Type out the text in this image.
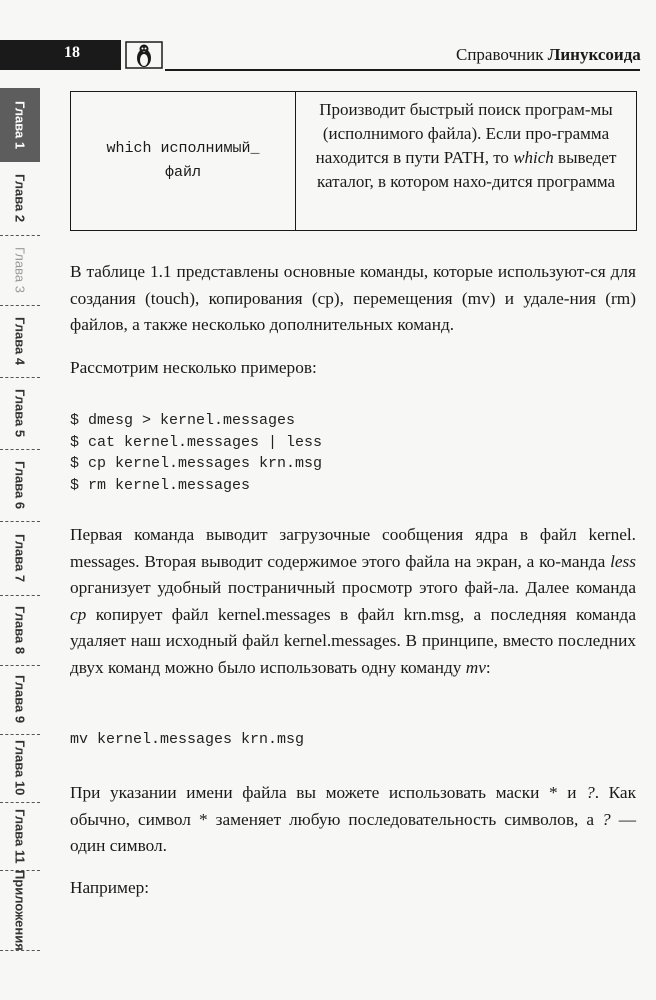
18	Справочник Линуксоида
Глава 1
Глава 2
Глава 3
Глава 4
Глава 5
Глава 6
Глава 7
Глава 8
Глава 9
Глава 10
Глава 11
Приложения
which исполнимый_
файл
Производит быстрый поиск програм-мы (исполнимого файла). Если про-грамма находится в пути PATH, то which выведет каталог, в котором нахо-дится программа
В таблице 1.1 представлены основные команды, которые используют-ся для создания (touch), копирования (cp), перемещения (mv) и удале-ния (rm) файлов, а также несколько дополнительных команд.
Рассмотрим несколько примеров:
$ dmesg > kernel.messages
$ cat kernel.messages | less
$ cp kernel.messages krn.msg
$ rm kernel.messages
Первая команда выводит загрузочные сообщения ядра в файл kernel. messages. Вторая выводит содержимое этого файла на экран, а ко-манда less организует удобный постраничный просмотр этого фай-ла. Далее команда cp копирует файл kernel.messages в файл krn.msg, а последняя команда удаляет наш исходный файл kernel.messages. В принципе, вместо последних двух команд можно было использовать одну команду mv:
mv kernel.messages krn.msg
При указании имени файла вы можете использовать маски * и ?. Как обычно, символ * заменяет любую последовательность символов, а ? — один символ.
Например:
